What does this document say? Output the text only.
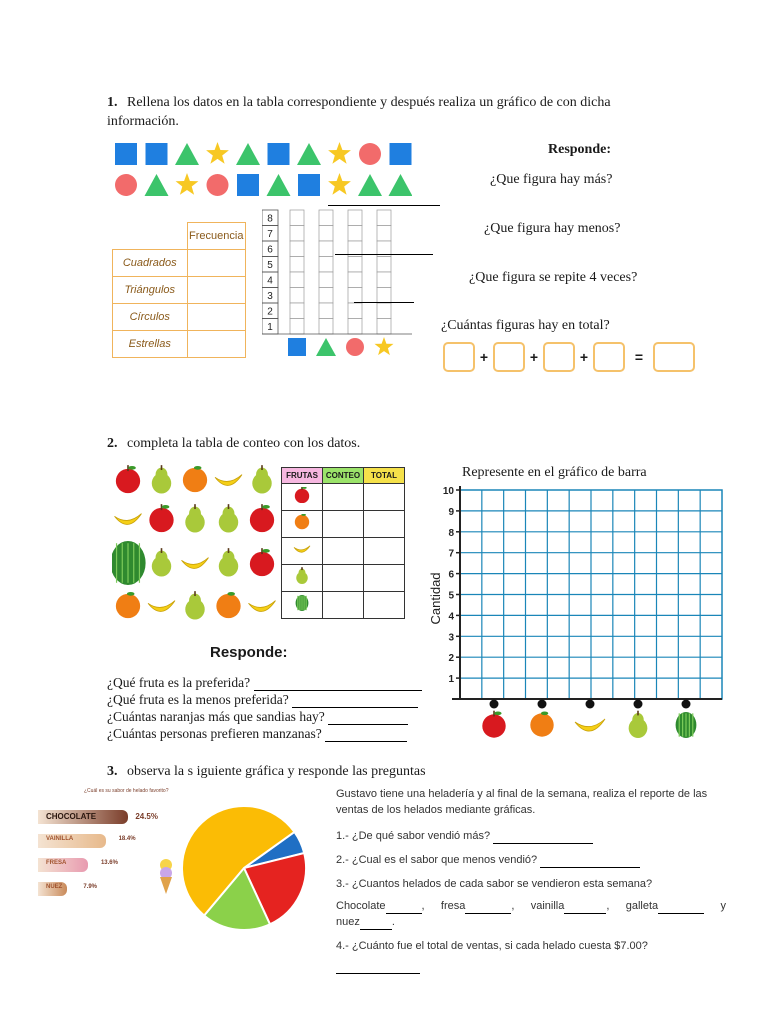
1. Rellena los datos en la tabla correspondiente y después realiza un gráfico de con dicha información.
	Frecuencia
Cuadrados	
Triángulos	
Círculos	
Estrellas	
8
7
6
5
4
3
2
1
Responde:
¿Que figura hay más?
¿Que figura hay menos?
¿Que figura se repite 4 veces?
¿Cuántas figuras hay en total?
+	+	+	=
2. completa la tabla de conteo con los datos.
FRUTAS	CONTEO	TOTAL

			Represente en el gráfico de barra
10
9
8
7
6
5
4
3
2
1
Cantidad
Responde:
¿Qué fruta es la preferida?
¿Qué fruta es la menos preferida?
¿Cuántas naranjas más que sandias hay?
¿Cuántas personas prefieren manzanas?
3. observa la s iguiente gráfica y responde las preguntas
¿Cuál es su sabor de helado favorito?
CHOCOLATE	24.5%
VAINILLA	18.4%
FRESA	13.6%
NUEZ	7.9%
Gustavo tiene una heladería y al final de la semana, realiza el reporte de las ventas de los helados mediante gráficas.
1.- ¿De qué sabor vendió más?
2.- ¿Cual es el sabor que menos vendió?
3.- ¿Cuantos helados de cada sabor se vendieron esta semana?
Chocolate	, fresa	, vainilla	, galleta	y
nuez	.
4.- ¿Cuánto fue el total de ventas, si cada helado cuesta $7.00?
